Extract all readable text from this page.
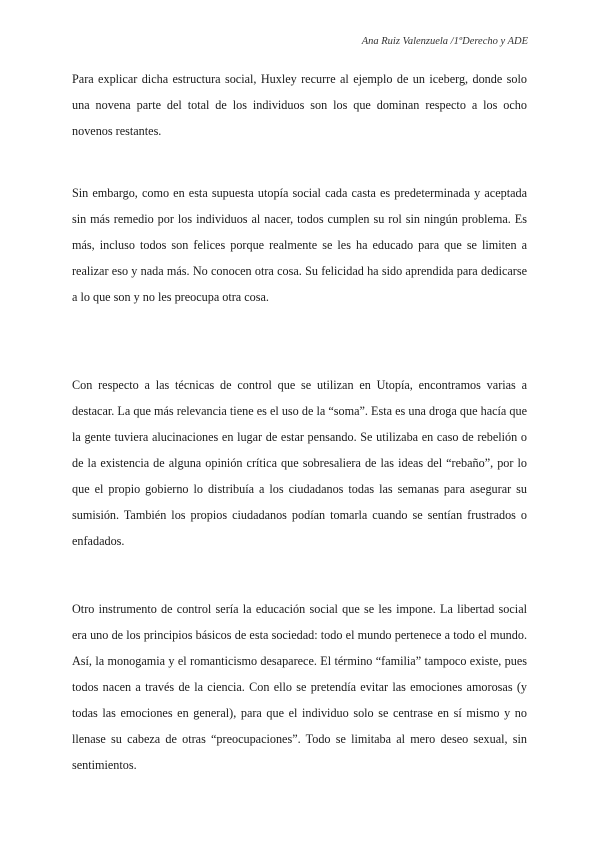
Ana Ruiz Valenzuela /1ºDerecho y ADE

Para explicar dicha estructura social, Huxley recurre al ejemplo de un iceberg, donde solo una novena parte del total de los individuos son los que dominan respecto a los ocho novenos restantes.

Sin embargo, como en esta supuesta utopía social cada casta es predeterminada y aceptada sin más remedio por los individuos al nacer, todos cumplen su rol sin ningún problema. Es más, incluso todos son felices porque realmente se les ha educado para que se limiten a realizar eso y nada más. No conocen otra cosa. Su felicidad ha sido aprendida para dedicarse a lo que son y no les preocupa otra cosa.

Con respecto a las técnicas de control que se utilizan en Utopía, encontramos varias a destacar. La que más relevancia tiene es el uso de la “soma”. Esta es una droga que hacía que la gente tuviera alucinaciones en lugar de estar pensando. Se utilizaba en caso de rebelión o de la existencia de alguna opinión crítica que sobresaliera de las ideas del “rebaño”, por lo que el propio gobierno lo distribuía a los ciudadanos todas las semanas para asegurar su sumisión. También los propios ciudadanos podían tomarla cuando se sentían frustrados o enfadados.

Otro instrumento de control sería la educación social que se les impone. La libertad social era uno de los principios básicos de esta sociedad: todo el mundo pertenece a todo el mundo. Así, la monogamia y el romanticismo desaparece. El término “familia” tampoco existe, pues todos nacen a través de la ciencia. Con ello se pretendía evitar las emociones amorosas (y todas las emociones en general), para que el individuo solo se centrase en sí mismo y no llenase su cabeza de otras “preocupaciones”. Todo se limitaba al mero deseo sexual, sin sentimientos.
